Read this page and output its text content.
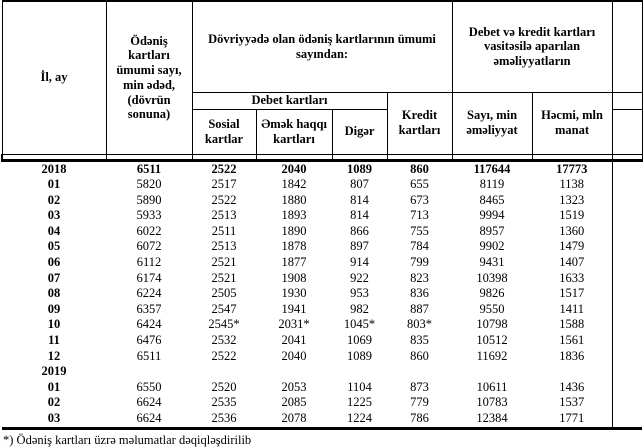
İl, ay	Ödəniş kartları ümumi sayı, min ədəd, (dövrün sonuna)	Dövriyyədə olan ödəniş kartlarının ümumi sayından:				Debet və kredit kartları vasitəsilə aparılan əməliyyatların		
		Debet kartları			Kredit kartları	Sayı, min əməliyyat	Həcmi, mln manat	
		Sosial kartlar	Əmək haqqı kartları	Digər				

2018	6511	2522	2040	1089	860	117644	17773	
01	5820	2517	1842	807	655	8119	1138	
02	5890	2522	1880	814	673	8465	1323	
03	5933	2513	1893	814	713	9994	1519	
04	6022	2511	1890	866	755	8957	1360	
05	6072	2513	1878	897	784	9902	1479	
06	6112	2521	1877	914	799	9431	1407	
07	6174	2521	1908	922	823	10398	1633	
08	6224	2505	1930	953	836	9826	1517	
09	6357	2547	1941	982	887	9550	1411	
10	6424	2545*	2031*	1045*	803*	10798	1588	
11	6476	2532	2041	1069	835	10512	1561	
12	6511	2522	2040	1089	860	11692	1836	
2019								
01	6550	2520	2053	1104	873	10611	1436	
02	6624	2535	2085	1225	779	10783	1537	
03	6624	2536	2078	1224	786	12384	1771	
*) Ödəniş kartları üzrə məlumatlar dəqiqləşdirilib
